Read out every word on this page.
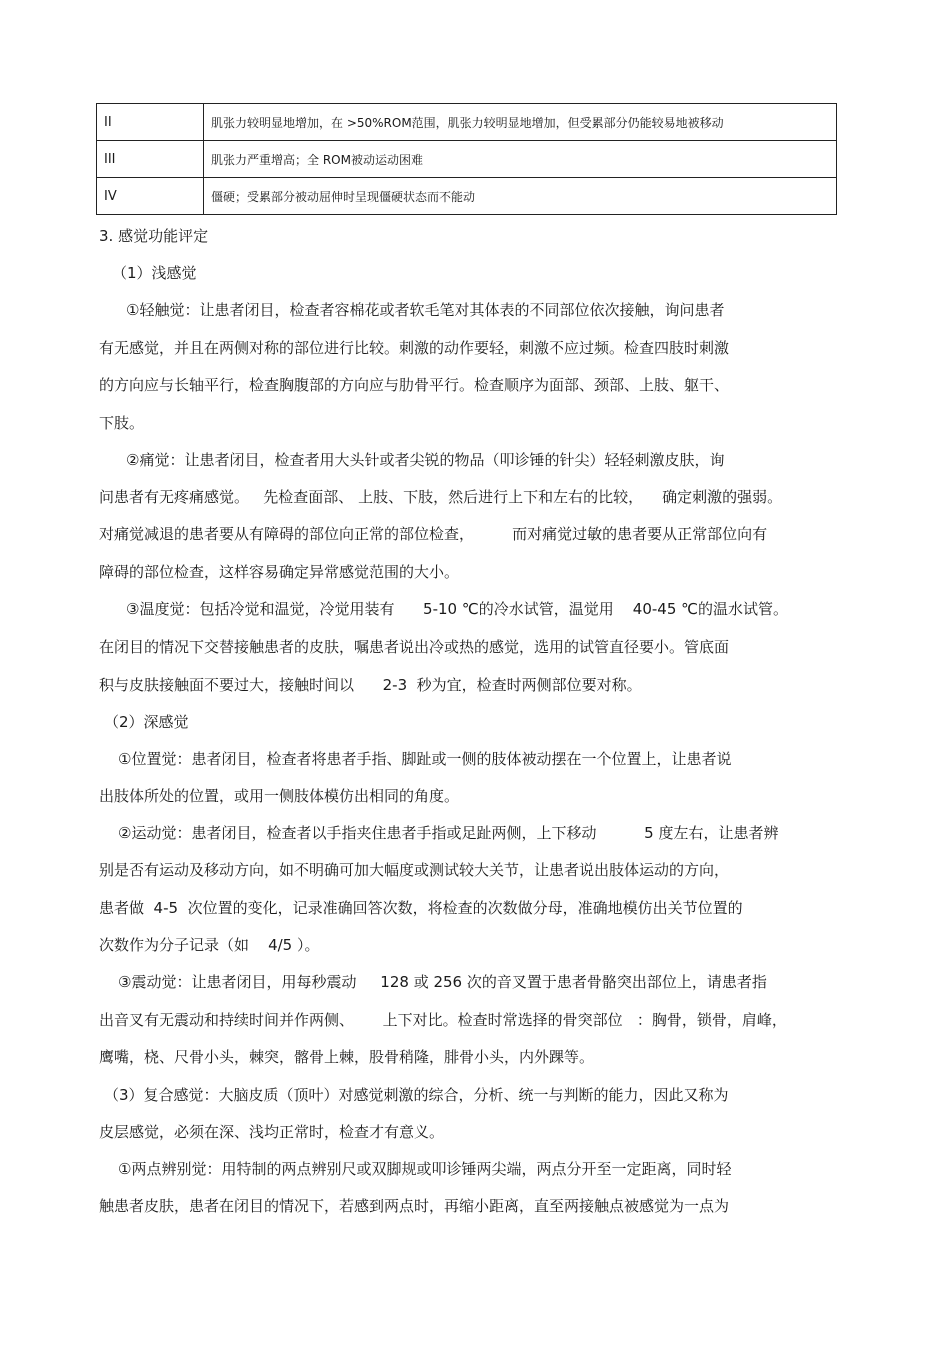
II	肌张力较明显地增加，在 >50%ROM范围，肌张力较明显地增加，但受累部分仍能较易地被移动
III	肌张力严重增高；全 ROM被动运动困难
IV	僵硬；受累部分被动屈伸时呈现僵硬状态而不能动
3. 感觉功能评定
（1）浅感觉
①轻触觉：让患者闭目，检查者容棉花或者软毛笔对其体表的不同部位依次接触，询问患者
有无感觉，并且在两侧对称的部位进行比较。刺激的动作要轻，刺激不应过频。检查四肢时刺激
的方向应与长轴平行，检查胸腹部的方向应与肋骨平行。检查顺序为面部、颈部、上肢、躯干、
下肢。
②痛觉：让患者闭目，检查者用大头针或者尖锐的物品（叩诊锤的针尖）轻轻刺激皮肤，询
问患者有无疼痛感觉。   先检查面部、 上肢、下肢，然后进行上下和左右的比较，    确定刺激的强弱。
对痛觉减退的患者要从有障碍的部位向正常的部位检查，        而对痛觉过敏的患者要从正常部位向有
障碍的部位检查，这样容易确定异常感觉范围的大小。
③温度觉：包括冷觉和温觉，冷觉用装有      5-10 ℃的冷水试管，温觉用    40-45 ℃的温水试管。
在闭目的情况下交替接触患者的皮肤，嘱患者说出冷或热的感觉，选用的试管直径要小。管底面
积与皮肤接触面不要过大，接触时间以      2-3  秒为宜，检查时两侧部位要对称。
（2）深感觉
①位置觉：患者闭目，检查者将患者手指、脚趾或一侧的肢体被动摆在一个位置上，让患者说
出肢体所处的位置，或用一侧肢体模仿出相同的角度。
②运动觉：患者闭目，检查者以手指夹住患者手指或足趾两侧，上下移动          5 度左右，让患者辨
别是否有运动及移动方向，如不明确可加大幅度或测试较大关节，让患者说出肢体运动的方向，
患者做  4-5  次位置的变化，记录准确回答次数，将检查的次数做分母，准确地模仿出关节位置的
次数作为分子记录（如    4/5 ）。
③震动觉：让患者闭目，用每秒震动     128 或 256 次的音叉置于患者骨骼突出部位上，请患者指
出音叉有无震动和持续时间并作两侧、      上下对比。检查时常选择的骨突部位   ：胸骨，锁骨，肩峰，
鹰嘴，桡、尺骨小头，棘突，髂骨上棘，股骨稍隆，腓骨小头，内外踝等。
（3）复合感觉：大脑皮质（顶叶）对感觉刺激的综合，分析、统一与判断的能力，因此又称为
皮层感觉，必须在深、浅均正常时，检查才有意义。
①两点辨别觉：用特制的两点辨别尺或双脚规或叩诊锤两尖端，两点分开至一定距离，同时轻
触患者皮肤，患者在闭目的情况下，若感到两点时，再缩小距离，直至两接触点被感觉为一点为
